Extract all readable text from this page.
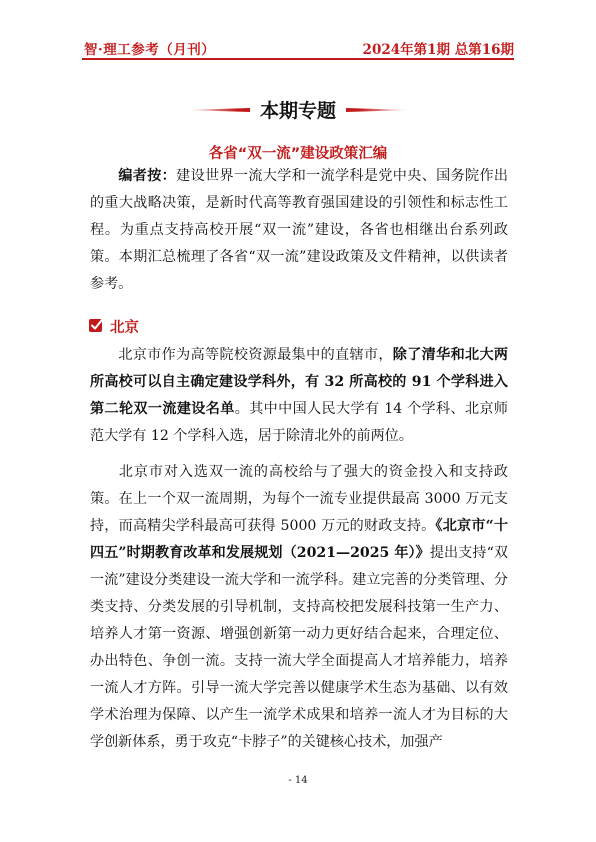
智·理工参考（月刊）	2024年第1期 总第16期
本期专题
各省“双一流”建设政策汇编

编者按：建设世界一流大学和一流学科是党中央、国务院作出的重大战略决策，是新时代高等教育强国建设的引领性和标志性工程。为重点支持高校开展“双一流”建设，各省也相继出台系列政策。本期汇总梳理了各省“双一流”建设政策及文件精神，以供读者参考。

北京

北京市作为高等院校资源最集中的直辖市，除了清华和北大两所高校可以自主确定建设学科外，有 32 所高校的 91 个学科进入第二轮双一流建设名单。其中中国人民大学有 14 个学科、北京师范大学有 12 个学科入选，居于除清北外的前两位。

北京市对入选双一流的高校给与了强大的资金投入和支持政策。在上一个双一流周期，为每个一流专业提供最高 3000 万元支持，而高精尖学科最高可获得 5000 万元的财政支持。《北京市“十四五”时期教育改革和发展规划（2021—2025 年）》提出支持“双一流”建设分类建设一流大学和一流学科。建立完善的分类管理、分类支持、分类发展的引导机制，支持高校把发展科技第一生产力、培养人才第一资源、增强创新第一动力更好结合起来，合理定位、办出特色、争创一流。支持一流大学全面提高人才培养能力，培养一流人才方阵。引导一流大学完善以健康学术生态为基础、以有效学术治理为保障、以产生一流学术成果和培养一流人才为目标的大学创新体系，勇于攻克“卡脖子”的关键核心技术，加强产

- 14
